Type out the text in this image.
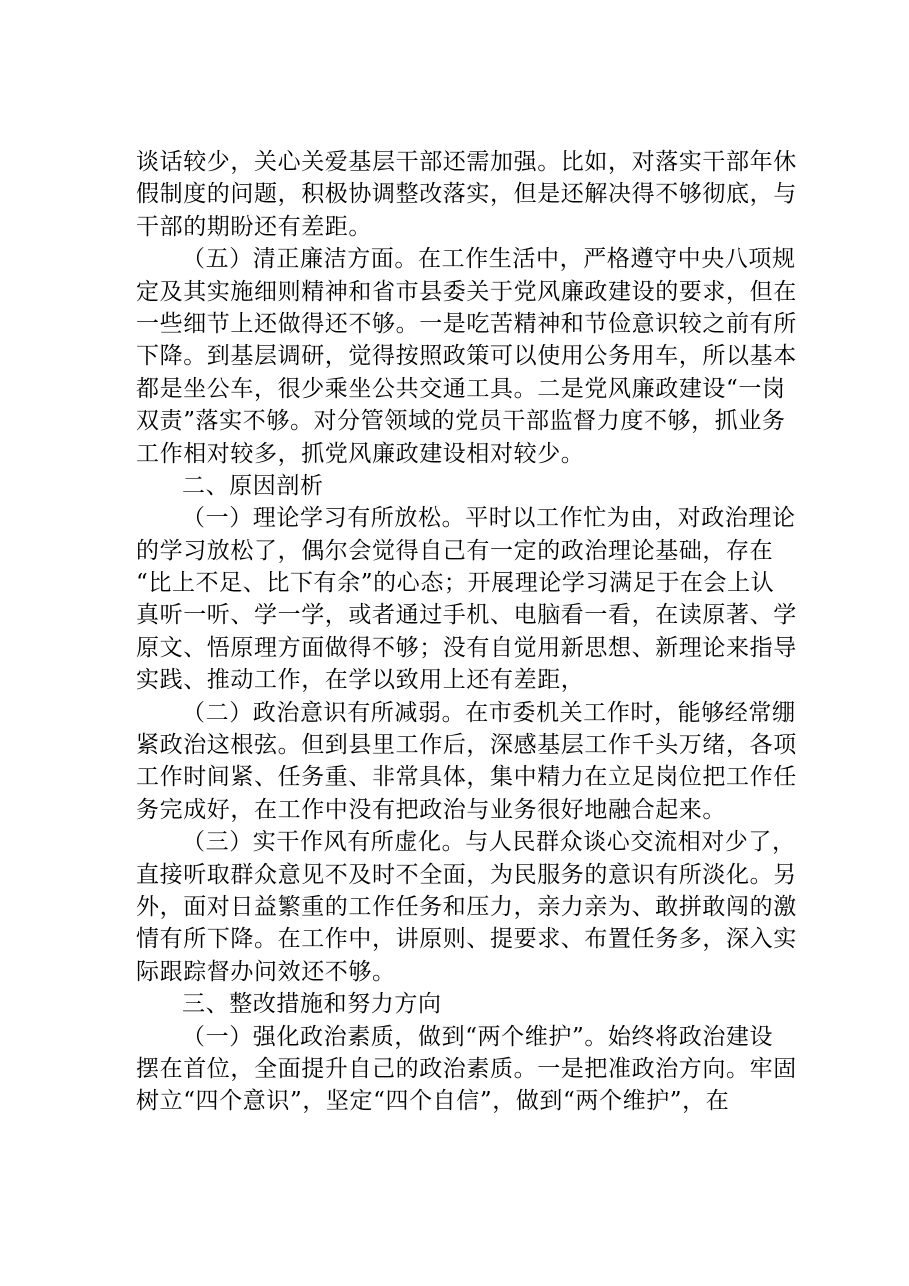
谈话较少，关心关爱基层干部还需加强。比如，对落实干部年休
假制度的问题，积极协调整改落实，但是还解决得不够彻底，与
干部的期盼还有差距。
（五）清正廉洁方面。在工作生活中，严格遵守中央八项规
定及其实施细则精神和省市县委关于党风廉政建设的要求，但在
一些细节上还做得还不够。一是吃苦精神和节俭意识较之前有所
下降。到基层调研，觉得按照政策可以使用公务用车，所以基本
都是坐公车，很少乘坐公共交通工具。二是党风廉政建设“一岗
双责”落实不够。对分管领域的党员干部监督力度不够，抓业务
工作相对较多，抓党风廉政建设相对较少。
二、原因剖析
（一）理论学习有所放松。平时以工作忙为由，对政治理论
的学习放松了，偶尔会觉得自己有一定的政治理论基础，存在
“比上不足、比下有余”的心态；开展理论学习满足于在会上认
真听一听、学一学，或者通过手机、电脑看一看，在读原著、学
原文、悟原理方面做得不够；没有自觉用新思想、新理论来指导
实践、推动工作，在学以致用上还有差距，
（二）政治意识有所减弱。在市委机关工作时，能够经常绷
紧政治这根弦。但到县里工作后，深感基层工作千头万绪，各项
工作时间紧、任务重、非常具体，集中精力在立足岗位把工作任
务完成好，在工作中没有把政治与业务很好地融合起来。
（三）实干作风有所虚化。与人民群众谈心交流相对少了，
直接听取群众意见不及时不全面，为民服务的意识有所淡化。另
外，面对日益繁重的工作任务和压力，亲力亲为、敢拼敢闯的激
情有所下降。在工作中，讲原则、提要求、布置任务多，深入实
际跟踪督办问效还不够。
三、整改措施和努力方向
（一）强化政治素质，做到“两个维护”。始终将政治建设
摆在首位，全面提升自己的政治素质。一是把准政治方向。牢固
树立“四个意识”，坚定“四个自信”，做到“两个维护”，在
